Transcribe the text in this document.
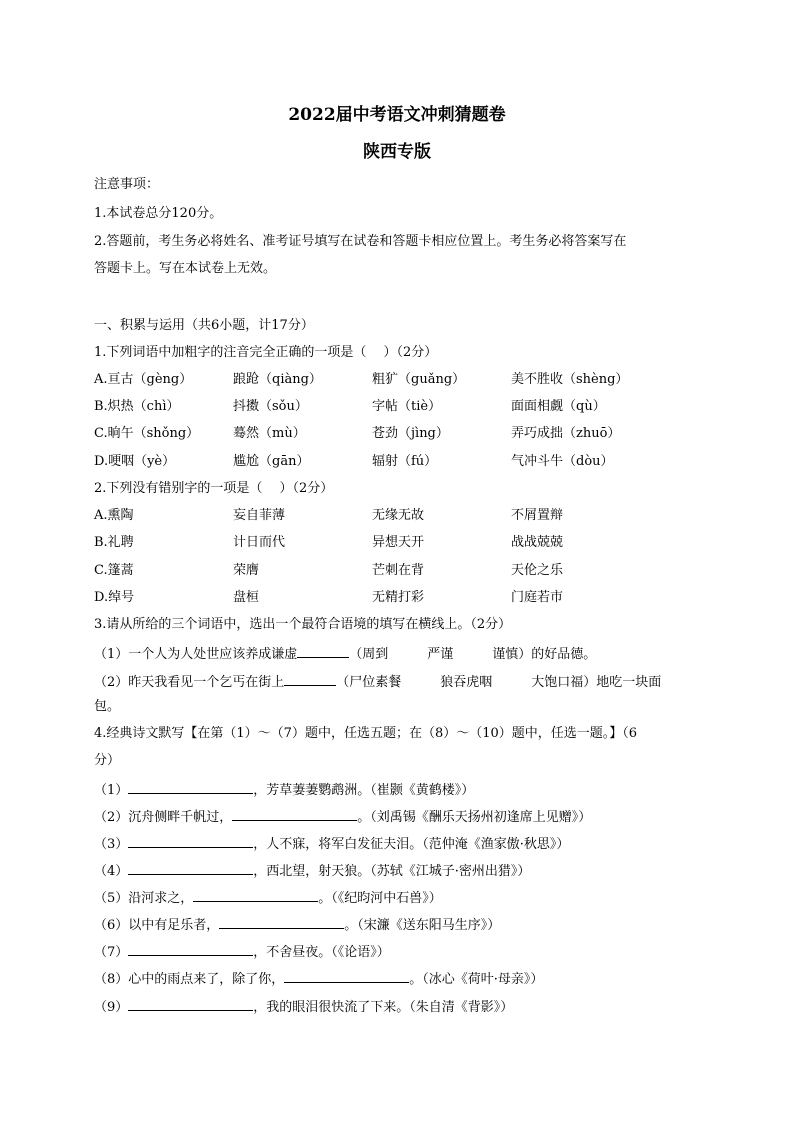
2022届中考语文冲刺猜题卷
陕西专版
注意事项：
1.本试卷总分120分。
2.答题前，考生务必将姓名、准考证号填写在试卷和答题卡相应位置上。考生务必将答案写在
答题卡上。写在本试卷上无效。
一、积累与运用（共6小题，计17分）
1.下列词语中加粗字的注音完全正确的一项是（　 ）（2分）
A.亘古（gèng）	踉跄（qiàng）	粗犷（guǎng）	美不胜收（shèng）
B.炽热（chì）	抖擞（sǒu）	字帖（tiè）	面面相觑（qù）
C.晌午（shǒng）	蓦然（mù）	苍劲（jìng）	弄巧成拙（zhuō）
D.哽咽（yè）	尴尬（gān）	辐射（fú）	气冲斗牛（dòu）
2.下列没有错别字的一项是（　 ）（2分）
A.熏陶	妄自菲薄	无缘无故	不屑置辩
B.礼聘	计日而代	异想天开	战战兢兢
C.篷蒿	荣膺	芒刺在背	天伦之乐
D.绰号	盘桓	无精打彩	门庭若市
3.请从所给的三个词语中，选出一个最符合语境的填写在横线上。（2分）
（1）一个人为人处世应该养成谦虚	（周到　　　严谨　　　谨慎）的好品德。
（2）昨天我看见一个乞丐在街上	（尸位素餐　　　狼吞虎咽　　　大饱口福）地吃一块面
包。
4.经典诗文默写【在第（1）～（7）题中，任选五题；在（8）～（10）题中，任选一题。】（6
分）
（1）	，芳草萋萋鹦鹉洲。（崔颢《黄鹤楼》）
（2）沉舟侧畔千帆过，	。（刘禹锡《酬乐天扬州初逢席上见赠》）
（3）	，人不寐，将军白发征夫泪。（范仲淹《渔家傲·秋思》）
（4）	，西北望，射天狼。（苏轼《江城子·密州出猎》）
（5）沿河求之，	。（《纪昀河中石兽》）
（6）以中有足乐者，	。（宋濂《送东阳马生序》）
（7）	，不舍昼夜。（《论语》）
（8）心中的雨点来了，除了你，	。（冰心《荷叶·母亲》）
（9）	，我的眼泪很快流了下来。（朱自清《背影》）
